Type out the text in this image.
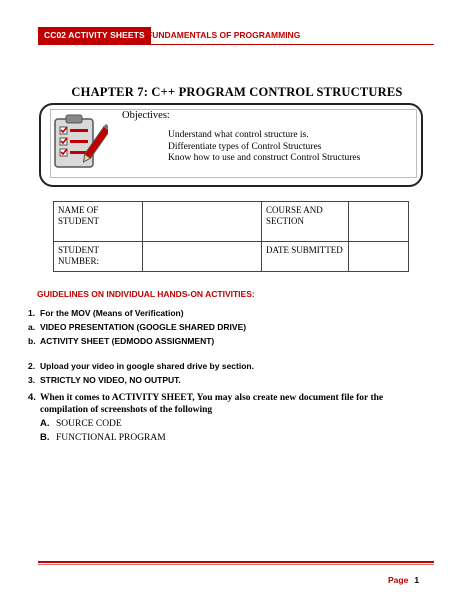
CC02 ACTIVITY SHEETS FUNDAMENTALS OF PROGRAMMING
CHAPTER 7: C++ PROGRAM CONTROL STRUCTURES
Objectives:
Understand what control structure is.
Differentiate types of Control Structures
Know how to use and construct Control Structures
NAME OF STUDENT		COURSE AND SECTION	
STUDENT NUMBER:		DATE SUBMITTED	
GUIDELINES ON INDIVIDUAL HANDS-ON ACTIVITIES:
1. For the MOV (Means of Verification)
a. VIDEO PRESENTATION (GOOGLE SHARED DRIVE)
b. ACTIVITY SHEET (EDMODO ASSIGNMENT)
2. Upload your video in google shared drive by section.
3. STRICTLY NO VIDEO, NO OUTPUT.
4. When it comes to ACTIVITY SHEET, You may also create new document file for the
compilation of screenshots of the following
A. SOURCE CODE
B. FUNCTIONAL PROGRAM
Page 1
